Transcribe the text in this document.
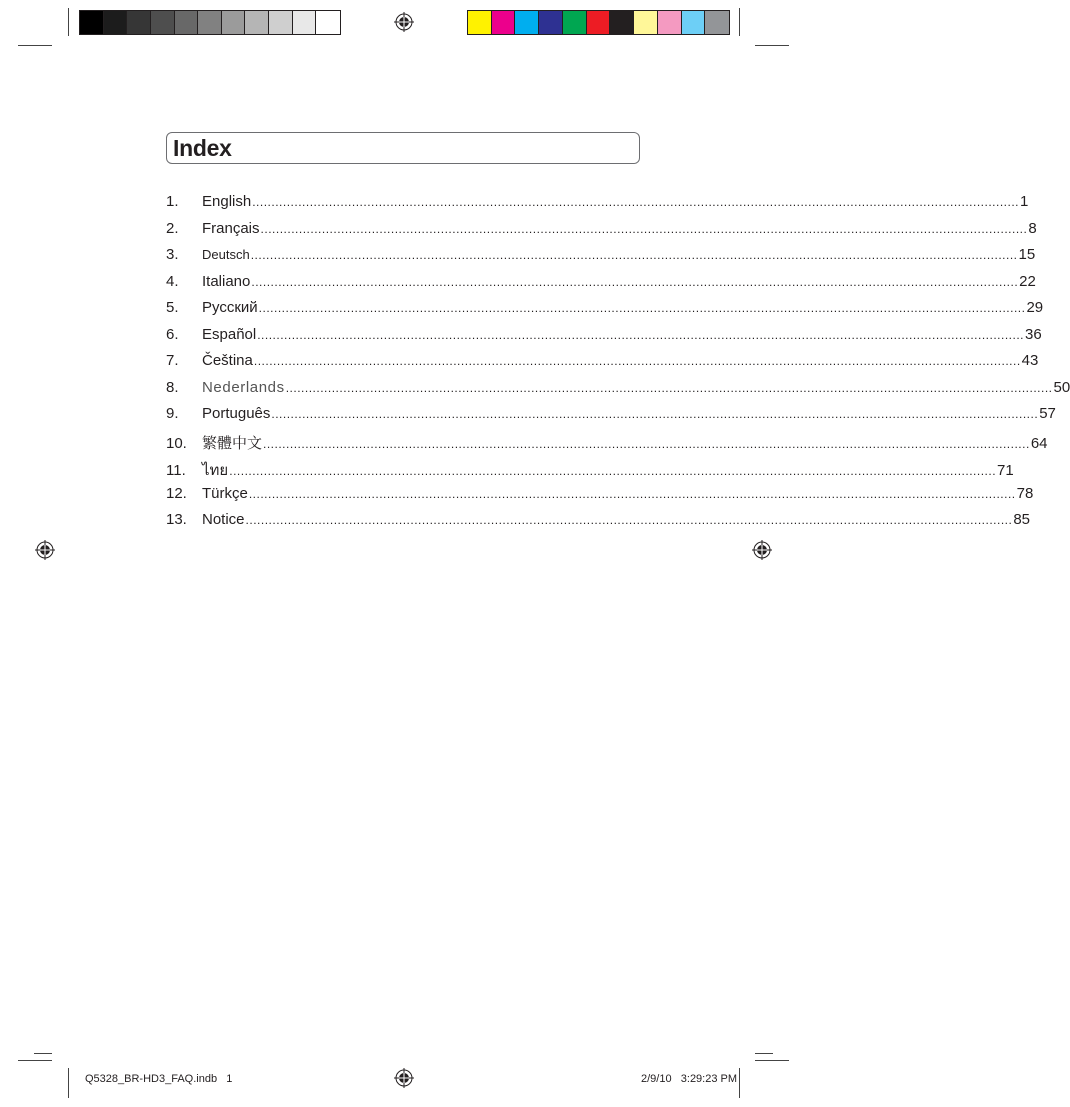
Index
1.	English ........................................................................................................................................................................................................ 1
2.	Français ........................................................................................................................................................................................................ 8
3.	Deutsch ........................................................................................................................................................................................................ 15
4.	Italiano ........................................................................................................................................................................................................ 22
5.	Русский ........................................................................................................................................................................................................ 29
6.	Español ........................................................................................................................................................................................................ 36
7.	Čeština ........................................................................................................................................................................................................ 43
8.	Nederlands ........................................................................................................................................................................................................ 50
9.	Português ........................................................................................................................................................................................................ 57
10.	繁體中文 ........................................................................................................................................................................................................ 64
11.	ไทย ........................................................................................................................................................................................................ 71
12.	Türkçe ........................................................................................................................................................................................................ 78
13.	Notice ........................................................................................................................................................................................................ 85
Q5328_BR-HD3_FAQ.indb   1	2/9/10 3:29:23 PM
